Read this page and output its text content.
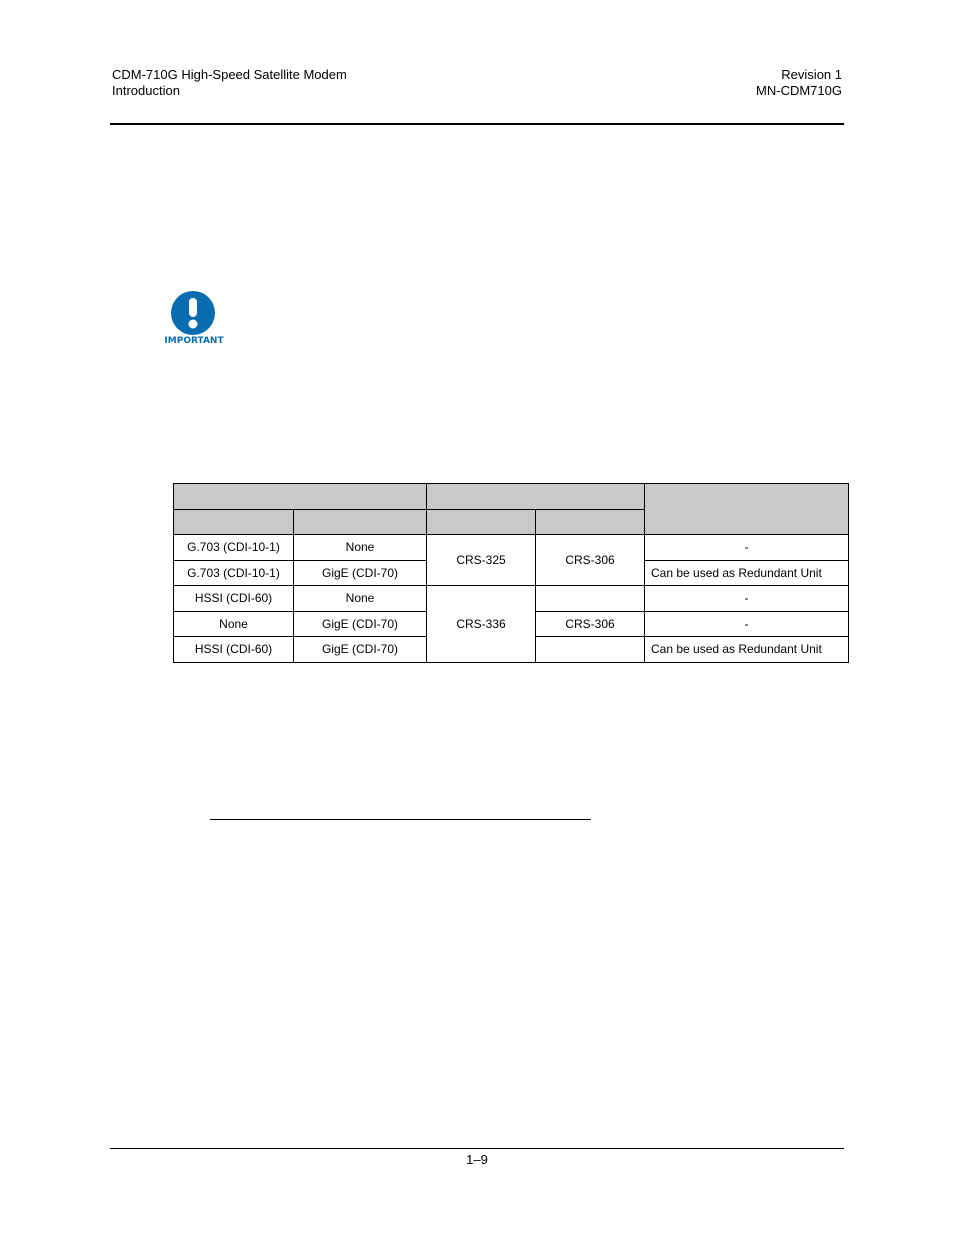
CDM-710G High-Speed Satellite Modem
Introduction
Revision 1
MN-CDM710G
IMPORTANT

G.703 (CDI-10-1)	None	CRS-325	CRS-306	-
G.703 (CDI-10-1)	GigE (CDI-70)			Can be used as Redundant Unit
HSSI (CDI-60)	None	CRS-336		-
None	GigE (CDI-70)		CRS-306	-
HSSI (CDI-60)	GigE (CDI-70)			Can be used as Redundant Unit
1–9
